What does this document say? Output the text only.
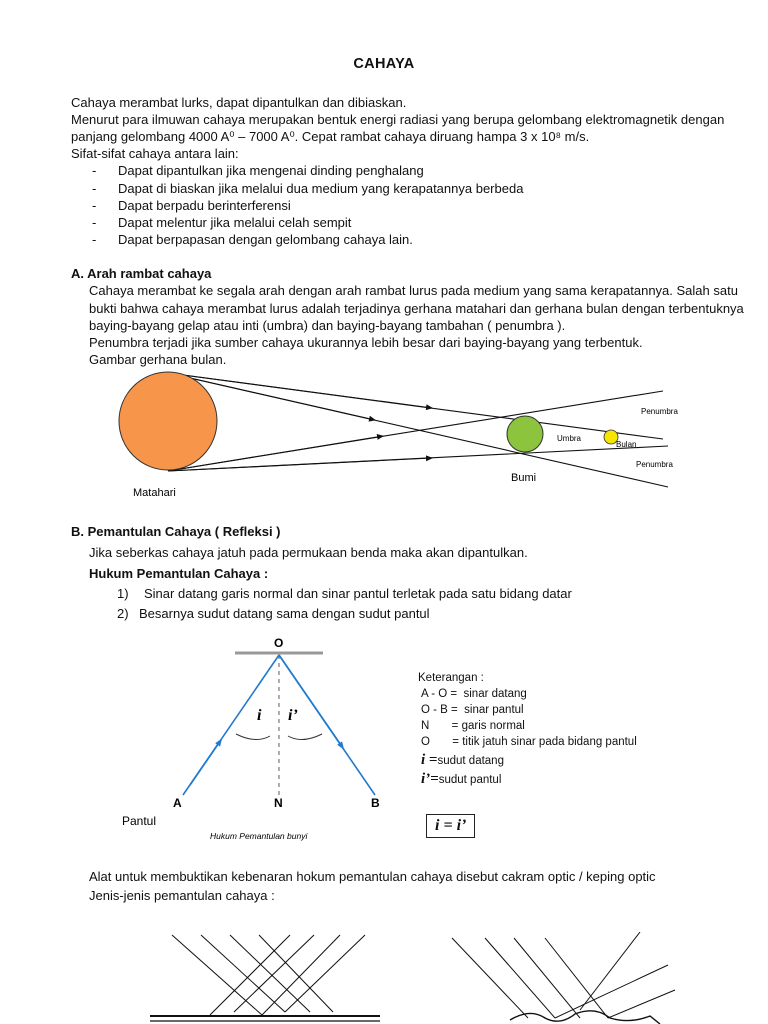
CAHAYA
Cahaya merambat lurks, dapat dipantulkan dan dibiaskan.
Menurut para ilmuwan cahaya merupakan bentuk energi radiasi yang berupa gelombang elektromagnetik dengan
panjang gelombang 4000 A⁰ – 7000 A⁰. Cepat rambat cahaya diruang hampa 3 x 10⁸ m/s.
Sifat-sifat cahaya antara lain:
- Dapat dipantulkan jika mengenai dinding penghalang
- Dapat di biaskan jika melalui dua medium yang kerapatannya berbeda
- Dapat berpadu berinterferensi
- Dapat melentur jika melalui celah sempit
- Dapat berpapasan dengan gelombang cahaya lain.
A. Arah rambat cahaya
Cahaya merambat ke segala arah dengan arah rambat lurus pada medium yang sama kerapatannya. Salah satu
bukti bahwa cahaya merambat lurus adalah terjadinya gerhana matahari dan gerhana bulan dengan terbentuknya
baying-bayang gelap atau inti (umbra) dan baying-bayang tambahan ( penumbra ).
Penumbra terjadi jika sumber cahaya ukurannya lebih besar dari baying-bayang yang terbentuk.
Gambar gerhana bulan.
Matahari
Bumi
Umbra
Bulan
Penumbra
Penumbra
O
A	N	B
i i’
Pantul
Hukum Pemantulan bunyi
B. Pemantulan Cahaya ( Refleksi )
Jika seberkas cahaya jatuh pada permukaan benda maka akan dipantulkan.
Hukum Pemantulan Cahaya :
1) Sinar datang garis normal dan sinar pantul terletak pada satu bidang datar
2) Besarnya sudut datang sama dengan sudut pantul
Keterangan :
A - O =  sinar datang
O - B =  sinar pantul
N       = garis normal
O       = titik jatuh sinar pada bidang pantul
i =sudut datang
i’=sudut pantul
i = i’
Alat untuk membuktikan kebenaran hokum pemantulan cahaya disebut cakram optic / keping optic
Jenis-jenis pemantulan cahaya :
